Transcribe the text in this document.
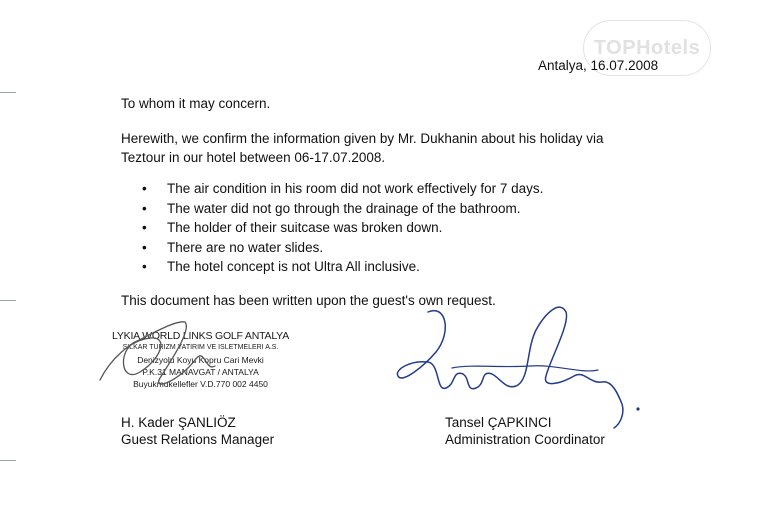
TOPHotels
Antalya, 16.07.2008

To whom it may concern.

Herewith, we confirm the information given by Mr. Dukhanin about his holiday via

Teztour in our hotel between 06-17.07.2008.

• The air condition in his room did not work effectively for 7 days.
• The water did not go through the drainage of the bathroom.
• The holder of their suitcase was broken down.
• There are no water slides.
• The hotel concept is not Ultra All inclusive.

This document has been written upon the guest's own request.

LYKIA WORLD LINKS GOLF ANTALYA
SILKAR TURIZM YATIRIM VE ISLETMELERI A.S.
Denizyolu Koyu Kopru Cari Mevki
P.K.31 MANAVGAT / ANTALYA
Buyukmukellefler V.D.770 002 4450
H. Kader ŞANLIÖZ
Guest Relations Manager
Tansel ÇAPKINCI
Administration Coordinator
